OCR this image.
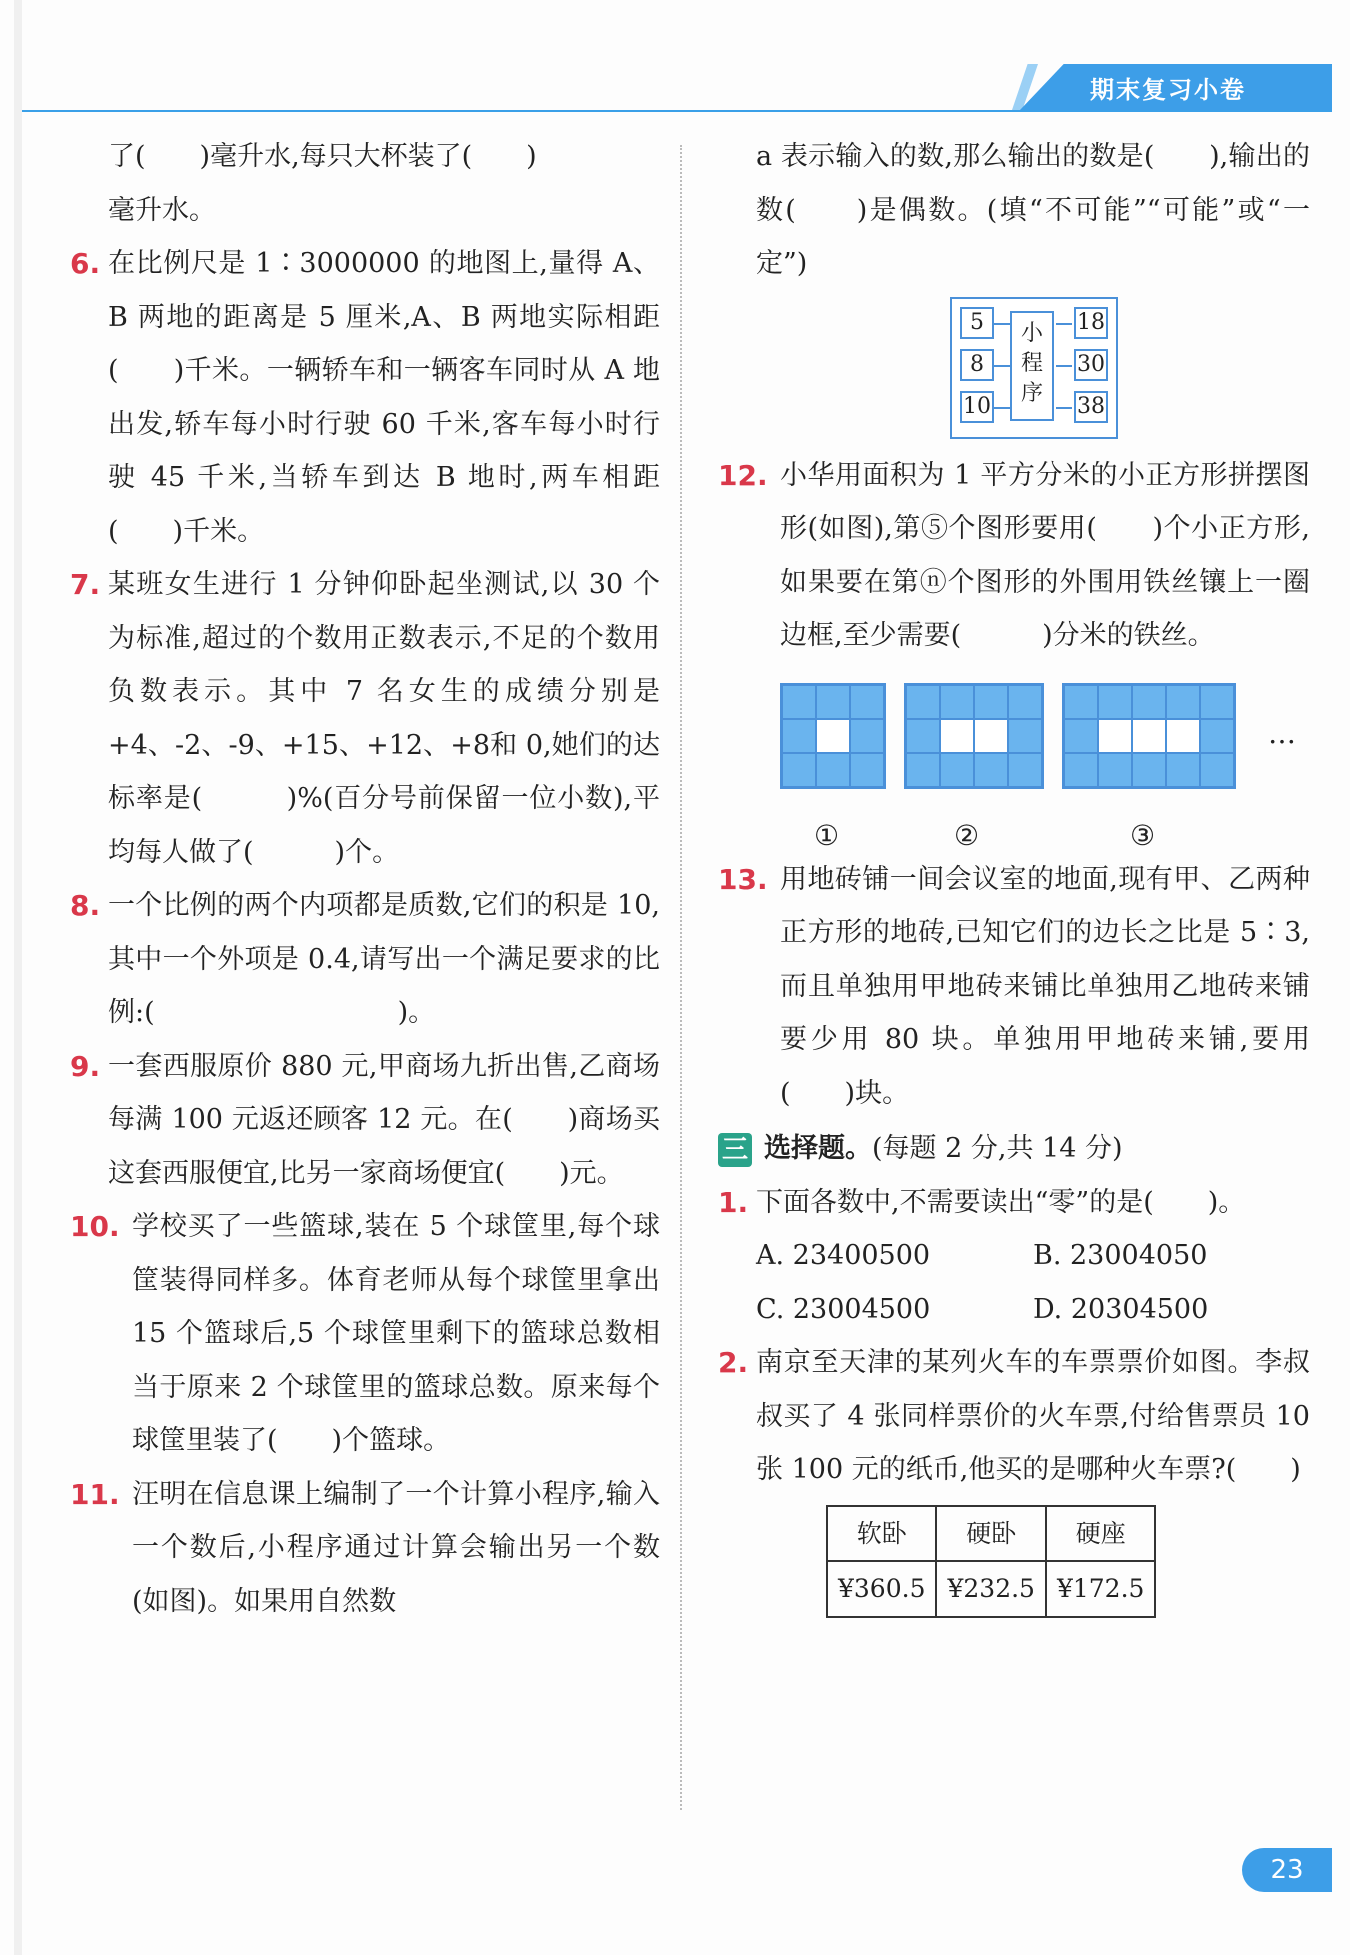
期末复习小卷
了(　　)毫升水,每只大杯装了(　　)
毫升水。
6. 在比例尺是 1∶3000000 的地图上,量得 A、B 两地的距离是 5 厘米,A、B 两地实际相距(　　)千米。一辆轿车和一辆客车同时从 A 地出发,轿车每小时行驶 60 千米,客车每小时行驶 45 千米,当轿车到达 B 地时,两车相距(　　)千米。
7. 某班女生进行 1 分钟仰卧起坐测试,以 30 个为标准,超过的个数用正数表示,不足的个数用负数表示。其中 7 名女生的成绩分别是 +4、-2、-9、+15、+12、+8和 0,她们的达标率是(　　　)%(百分号前保留一位小数),平均每人做了(　　　)个。
8. 一个比例的两个内项都是质数,它们的积是 10,其中一个外项是 0.4,请写出一个满足要求的比例:(　　　　　　　　　)。
9. 一套西服原价 880 元,甲商场九折出售,乙商场每满 100 元返还顾客 12 元。在(　　)商场买这套西服便宜,比另一家商场便宜(　　)元。
10. 学校买了一些篮球,装在 5 个球筐里,每个球筐装得同样多。体育老师从每个球筐里拿出 15 个篮球后,5 个球筐里剩下的篮球总数相当于原来 2 个球筐里的篮球总数。原来每个球筐里装了(　　)个篮球。
11. 汪明在信息课上编制了一个计算小程序,输入一个数后,小程序通过计算会输出另一个数(如图)。如果用自然数
a 表示输入的数,那么输出的数是(　　),输出的数(　　)是偶数。(填“不可能”“可能”或“一定”)
5
8
10
小程序
18
30
38
12. 小华用面积为 1 平方分米的小正方形拼摆图形(如图),第⑤个图形要用(　　)个小正方形,如果要在第ⓝ个图形的外围用铁丝镶上一圈边框,至少需要(　　　)分米的铁丝。
…
①	②	③
13. 用地砖铺一间会议室的地面,现有甲、乙两种正方形的地砖,已知它们的边长之比是 5∶3,而且单独用甲地砖来铺比单独用乙地砖来铺要少用 80 块。单独用甲地砖来铺,要用(　　)块。
三 选择题。(每题 2 分,共 14 分)
1. 下面各数中,不需要读出“零”的是(　　)。
A. 23400500	B. 23004050
C. 23004500	D. 20304500
2. 南京至天津的某列火车的车票票价如图。李叔叔买了 4 张同样票价的火车票,付给售票员 10 张 100 元的纸币,他买的是哪种火车票?(　　)
软卧	硬卧	硬座
¥360.5	¥232.5	¥172.5
23
